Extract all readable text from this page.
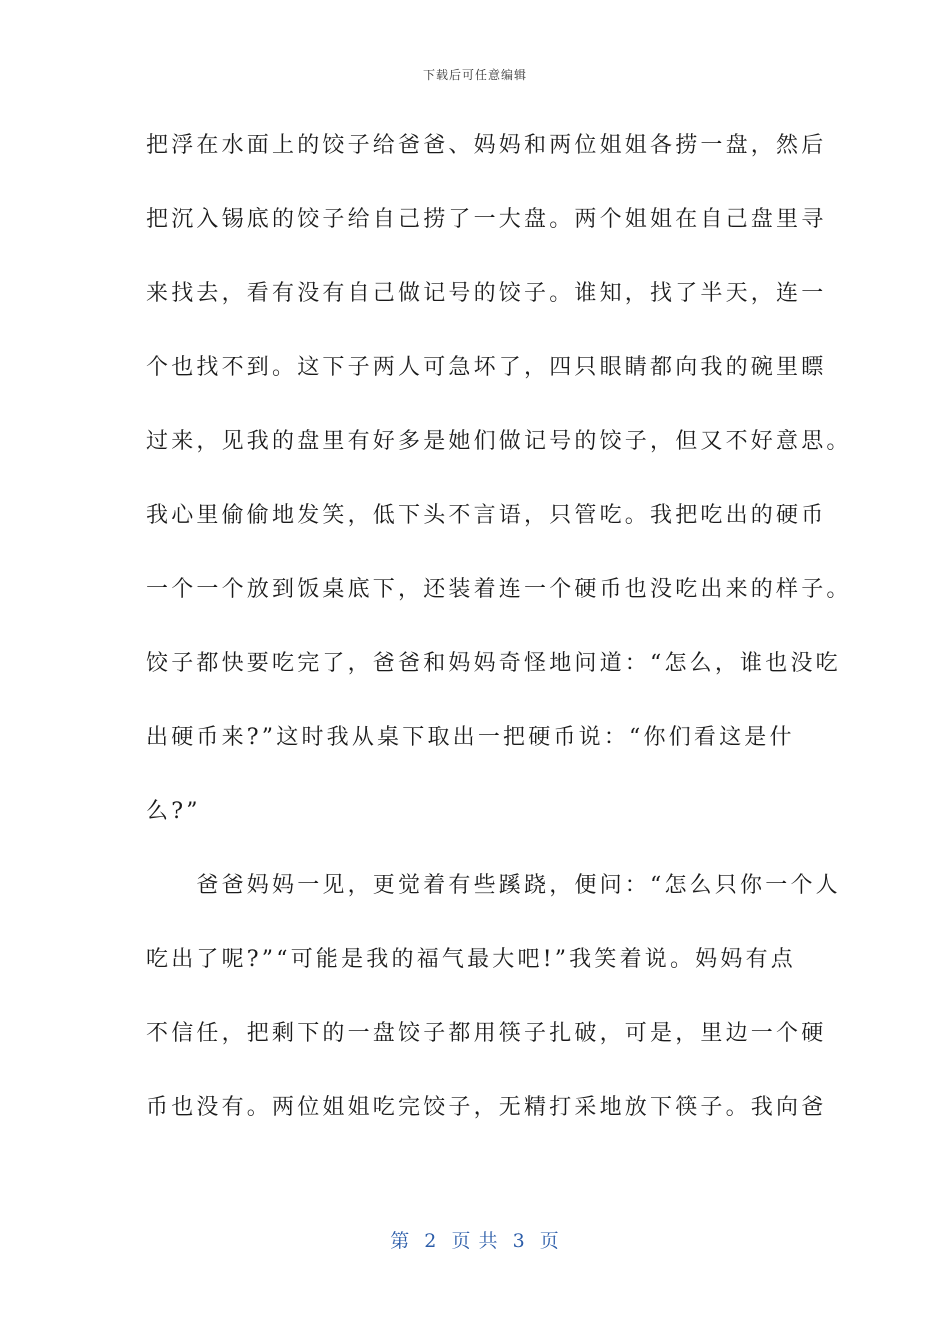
下载后可任意编辑
把浮在水面上的饺子给爸爸、妈妈和两位姐姐各捞一盘，然后
把沉入锡底的饺子给自己捞了一大盘。两个姐姐在自己盘里寻
来找去，看有没有自己做记号的饺子。谁知，找了半天，连一
个也找不到。这下子两人可急坏了，四只眼睛都向我的碗里瞟
过来，见我的盘里有好多是她们做记号的饺子，但又不好意思。
我心里偷偷地发笑，低下头不言语，只管吃。我把吃出的硬币
一个一个放到饭桌底下，还装着连一个硬币也没吃出来的样子。
饺子都快要吃完了，爸爸和妈妈奇怪地问道：“怎么，谁也没吃
出硬币来?”这时我从桌下取出一把硬币说：“你们看这是什
么?”
　　爸爸妈妈一见，更觉着有些蹊跷，便问：“怎么只你一个人
吃出了呢?”“可能是我的福气最大吧!”我笑着说。妈妈有点
不信任，把剩下的一盘饺子都用筷子扎破，可是，里边一个硬
币也没有。两位姐姐吃完饺子，无精打采地放下筷子。我向爸
第  2  页 共  3  页
